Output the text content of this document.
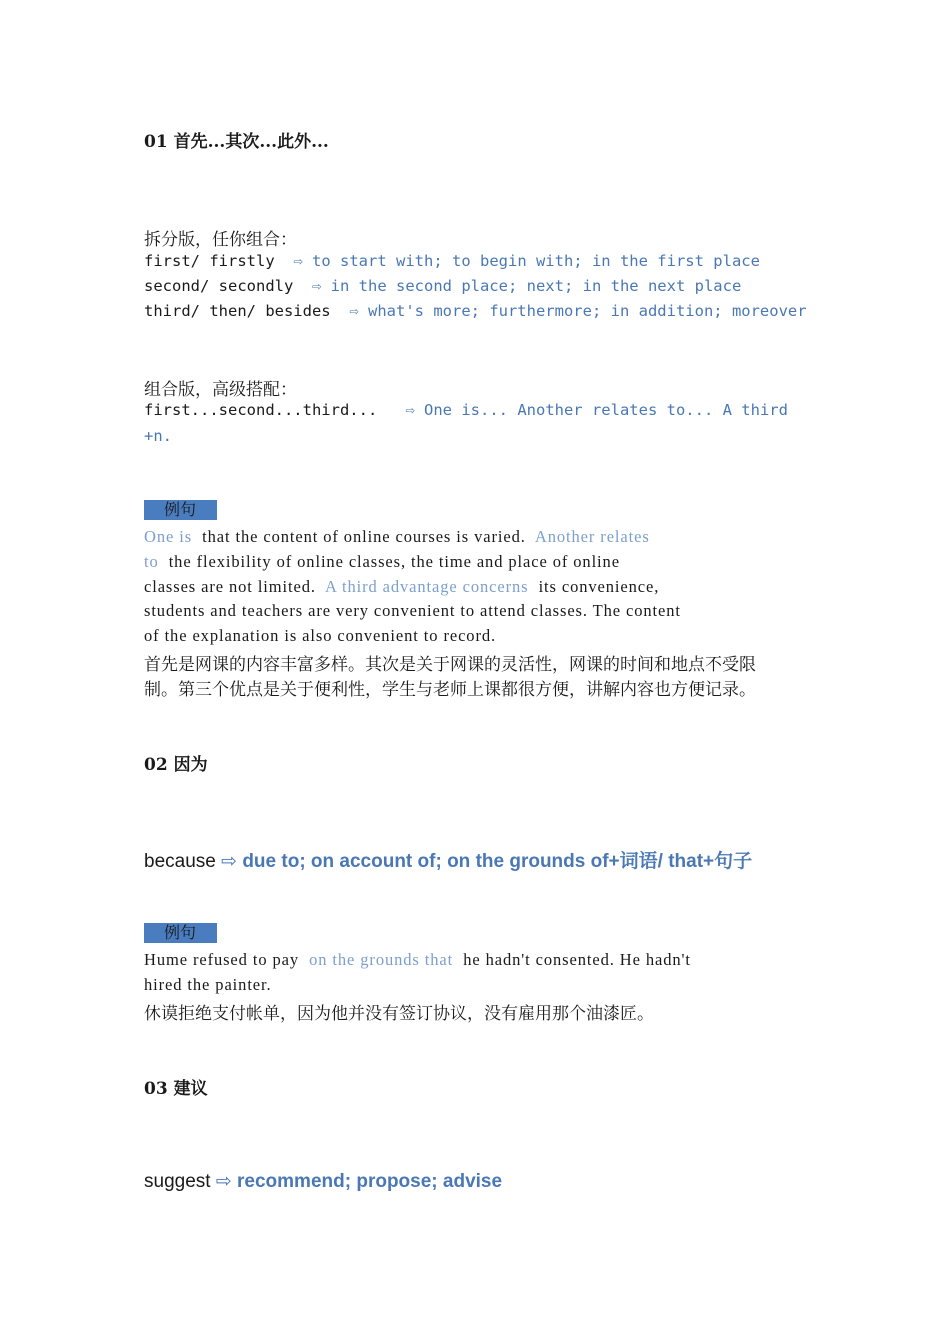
01 首先...其次...此外...
拆分版，任你组合：
first/ firstly  ⇨ to start with; to begin with; in the first place
second/ secondly  ⇨ in the second place; next; in the next place
third/ then/ besides  ⇨ what's more; furthermore; in addition; moreover
组合版，高级搭配：
first...second...third...   ⇨ One is... Another relates to... A third
+n.
例句
One is that the content of online courses is varied. Another relates
to the flexibility of online classes, the time and place of online
classes are not limited. A third advantage concerns its convenience,
students and teachers are very convenient to attend classes. The content
of the explanation is also convenient to record.
首先是网课的内容丰富多样。其次是关于网课的灵活性，网课的时间和地点不受限
制。第三个优点是关于便利性，学生与老师上课都很方便，讲解内容也方便记录。
02 因为
because ⇨ due to; on account of; on the grounds of+词语/ that+句子
例句
Hume refused to pay on the grounds that he hadn't consented. He hadn't
hired the painter.
休谟拒绝支付帐单，因为他并没有签订协议，没有雇用那个油漆匠。
03 建议
suggest ⇨ recommend; propose; advise
